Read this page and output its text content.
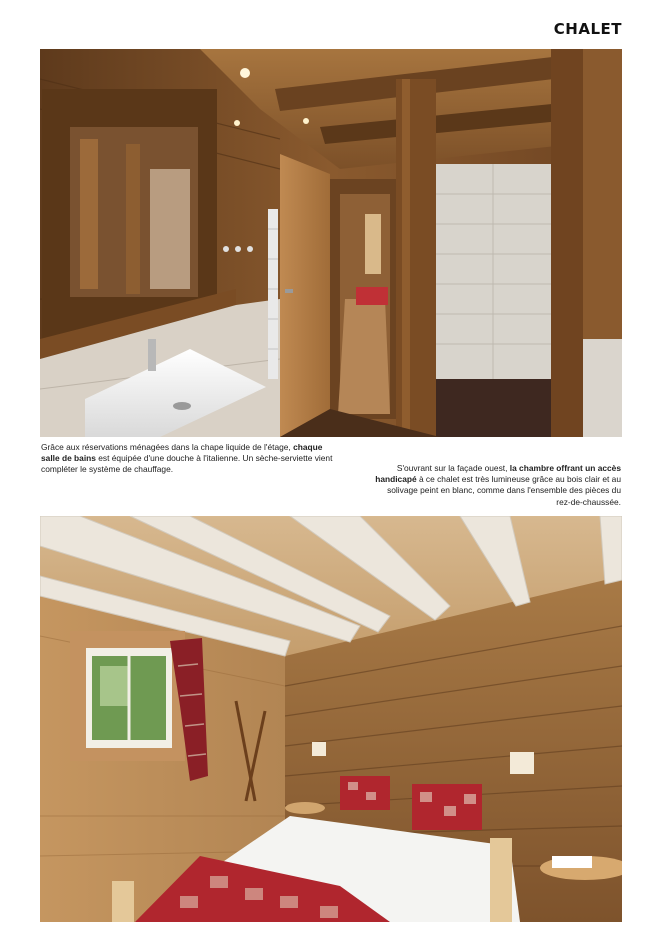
CHALET
Grâce aux réservations ménagées dans la chape liquide de l'étage, chaque salle de bains est équipée d'une douche à l'italienne. Un sèche-serviette vient compléter le système de chauffage.	S'ouvrant sur la façade ouest, la chambre offrant un accès handicapé à ce chalet est très lumineuse grâce au bois clair et au solivage peint en blanc, comme dans l'ensemble des pièces du rez-de-chaussée.
